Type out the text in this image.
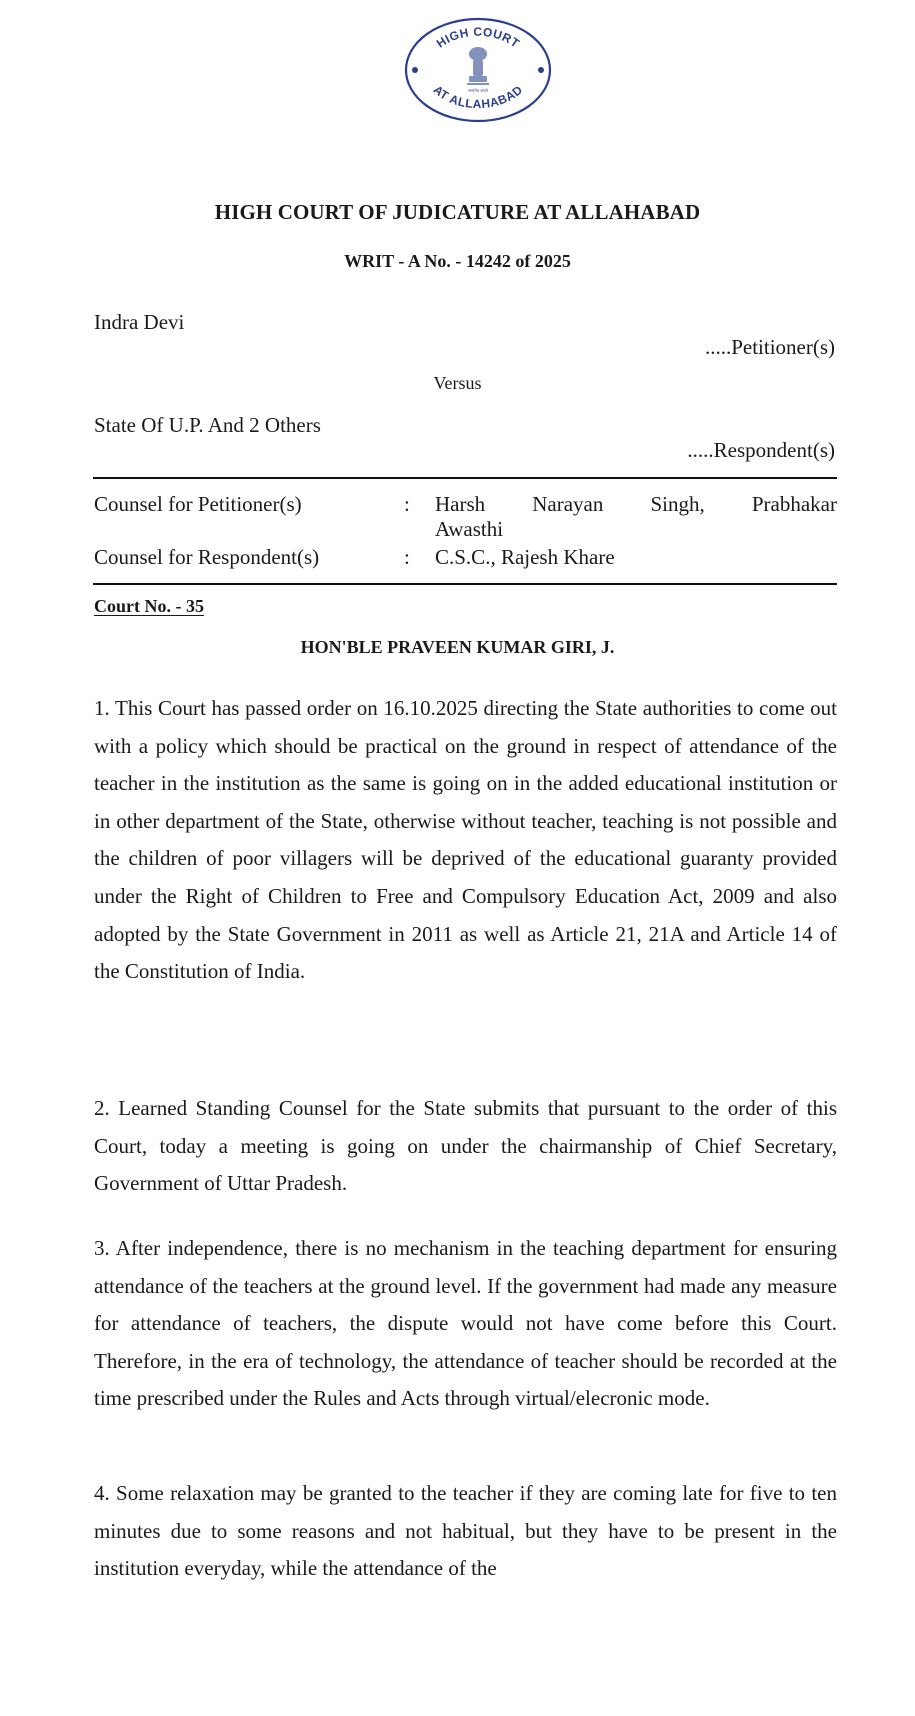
HIGH COURT
AT ALLAHABAD
सत्यमेव जयते
HIGH COURT OF JUDICATURE AT ALLAHABAD
WRIT - A No. - 14242 of 2025
Indra Devi
.....Petitioner(s)
Versus
State Of U.P. And 2 Others
.....Respondent(s)
Counsel for Petitioner(s)	: Harsh Narayan Singh, Prabhakar
Awasthi
Counsel for Respondent(s)	: C.S.C., Rajesh Khare
Court No. - 35
HON'BLE PRAVEEN KUMAR GIRI, J.

1. This Court has passed order on 16.10.2025 directing the State authorities to come out with a policy which should be practical on the ground in respect of attendance of the teacher in the institution as the same is going on in the added educational institution or in other department of the State, otherwise without teacher, teaching is not possible and the children of poor villagers will be deprived of the educational guaranty provided under the Right of Children to Free and Compulsory Education Act, 2009 and also adopted by the State Government in 2011 as well as Article 21, 21A and Article 14 of the Constitution of India.

2. Learned Standing Counsel for the State submits that pursuant to the order of this Court, today a meeting is going on under the chairmanship of Chief Secretary, Government of Uttar Pradesh.

3. After independence, there is no mechanism in the teaching department for ensuring attendance of the teachers at the ground level. If the government had made any measure for attendance of teachers, the dispute would not have come before this Court. Therefore, in the era of technology, the attendance of teacher should be recorded at the time prescribed under the Rules and Acts through virtual/elecronic mode.

4. Some relaxation may be granted to the teacher if they are coming late for five to ten minutes due to some reasons and not habitual, but they have to be present in the institution everyday, while the attendance of the
